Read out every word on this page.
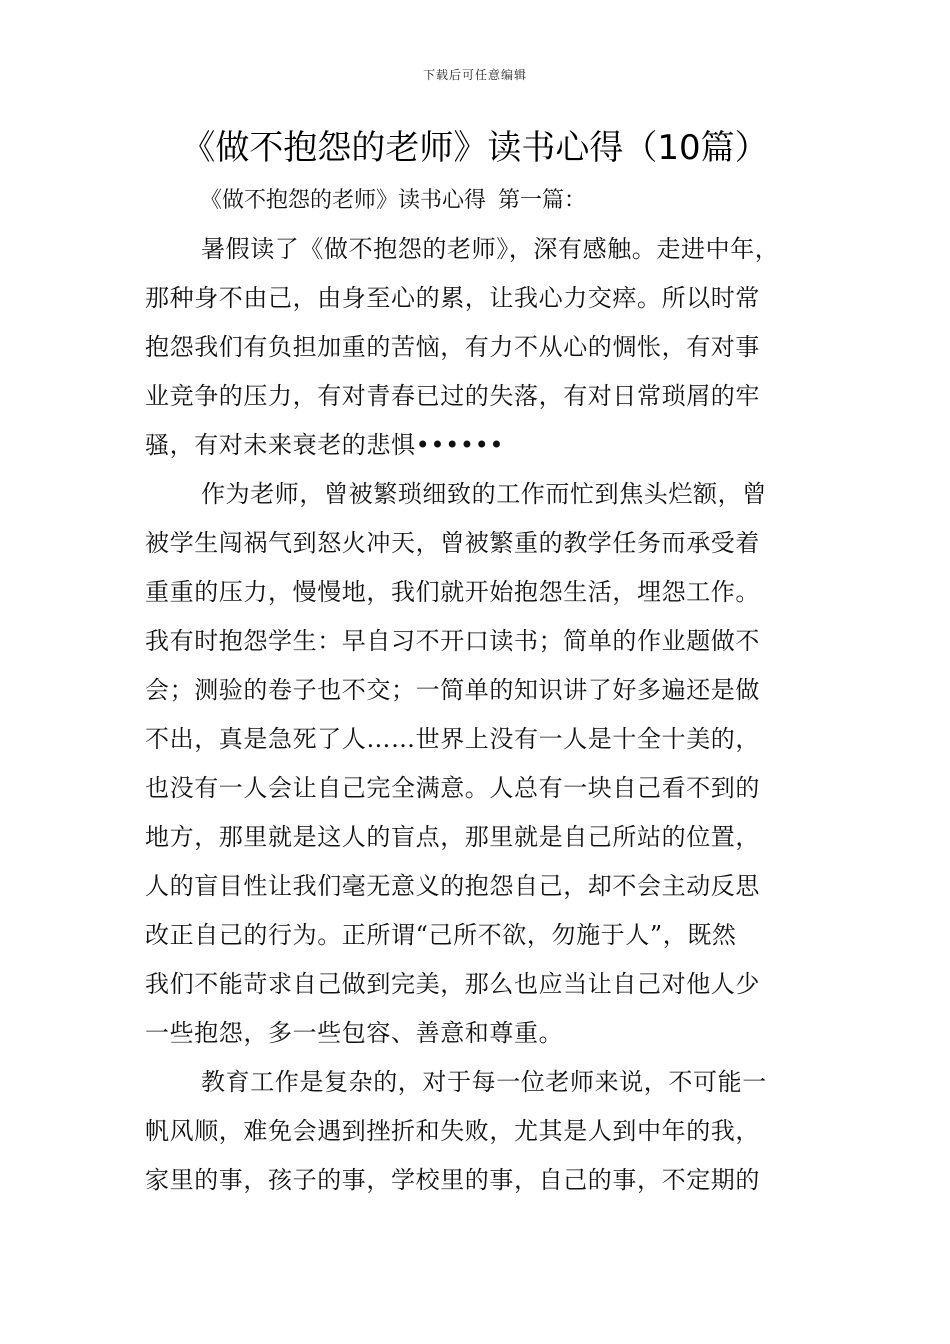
下载后可任意编辑
《做不抱怨的老师》读书心得（10篇）
《做不抱怨的老师》读书心得 第一篇：
暑假读了《做不抱怨的老师》，深有感触。走进中年，
那种身不由己，由身至心的累，让我心力交瘁。所以时常
抱怨我们有负担加重的苦恼，有力不从心的惆怅，有对事
业竞争的压力，有对青春已过的失落，有对日常琐屑的牢
骚，有对未来衰老的悲惧••••••
作为老师，曾被繁琐细致的工作而忙到焦头烂额，曾
被学生闯祸气到怒火冲天，曾被繁重的教学任务而承受着
重重的压力，慢慢地，我们就开始抱怨生活，埋怨工作。
我有时抱怨学生：早自习不开口读书；简单的作业题做不
会；测验的卷子也不交；一简单的知识讲了好多遍还是做
不出，真是急死了人……世界上没有一人是十全十美的，
也没有一人会让自己完全满意。人总有一块自己看不到的
地方，那里就是这人的盲点，那里就是自己所站的位置，
人的盲目性让我们毫无意义的抱怨自己，却不会主动反思
改正自己的行为。正所谓“己所不欲，勿施于人”，既然
我们不能苛求自己做到完美，那么也应当让自己对他人少
一些抱怨，多一些包容、善意和尊重。
教育工作是复杂的，对于每一位老师来说，不可能一
帆风顺，难免会遇到挫折和失败，尤其是人到中年的我，
家里的事，孩子的事，学校里的事，自己的事，不定期的
